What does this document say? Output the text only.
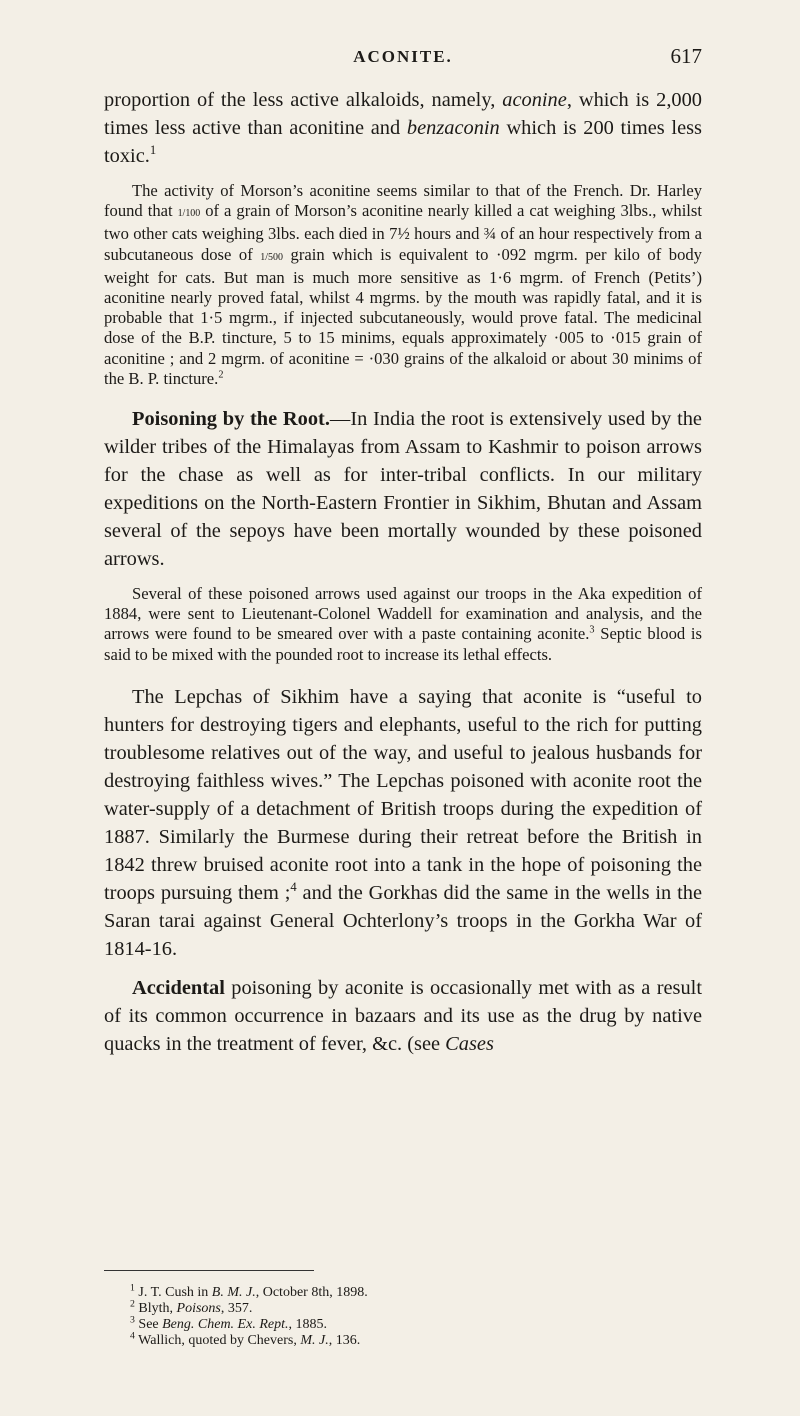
ACONITE.	617

proportion of the less active alkaloids, namely, aconine, which is 2,000 times less active than aconitine and benzaconin which is 200 times less toxic.$^1$

The activity of Morson’s aconitine seems similar to that of the French. Dr. Harley found that 1/100 of a grain of Morson’s aconitine nearly killed a cat weighing 3lbs., whilst two other cats weighing 3lbs. each died in 7½ hours and ¾ of an hour respectively from a subcutaneous dose of 1/500 grain which is equivalent to ·092 mgrm. per kilo of body weight for cats. But man is much more sensitive as 1·6 mgrm. of French (Petits’) aconitine nearly proved fatal, whilst 4 mgrms. by the mouth was rapidly fatal, and it is probable that 1·5 mgrm., if injected subcutaneously, would prove fatal. The medicinal dose of the B.P. tincture, 5 to 15 minims, equals approximately ·005 to ·015 grain of aconitine ; and 2 mgrm. of aconitine = ·030 grains of the alkaloid or about 30 minims of the B. P. tincture.$^2$

Poisoning by the Root.—In India the root is extensively used by the wilder tribes of the Himalayas from Assam to Kashmir to poison arrows for the chase as well as for inter-tribal conflicts. In our military expeditions on the North-Eastern Frontier in Sikhim, Bhutan and Assam several of the sepoys have been mortally wounded by these poisoned arrows.

Several of these poisoned arrows used against our troops in the Aka expedition of 1884, were sent to Lieutenant-Colonel Waddell for examination and analysis, and the arrows were found to be smeared over with a paste containing aconite.$^3$ Septic blood is said to be mixed with the pounded root to increase its lethal effects.

The Lepchas of Sikhim have a saying that aconite is “useful to hunters for destroying tigers and elephants, useful to the rich for putting troublesome relatives out of the way, and useful to jealous husbands for destroying faithless wives.” The Lepchas poisoned with aconite root the water-supply of a detachment of British troops during the expedition of 1887. Similarly the Burmese during their retreat before the British in 1842 threw bruised aconite root into a tank in the hope of poisoning the troops pursuing them ;$^4$ and the Gorkhas did the same in the wells in the Saran tarai against General Ochterlony’s troops in the Gorkha War of 1814-16.

Accidental poisoning by aconite is occasionally met with as a result of its common occurrence in bazaars and its use as the drug by native quacks in the treatment of fever, &c. (see Cases

$^1$ J. T. Cush in B. M. J., October 8th, 1898.

$^2$ Blyth, Poisons, 357.

$^3$ See Beng. Chem. Ex. Rept., 1885.

$^4$ Wallich, quoted by Chevers, M. J., 136.
